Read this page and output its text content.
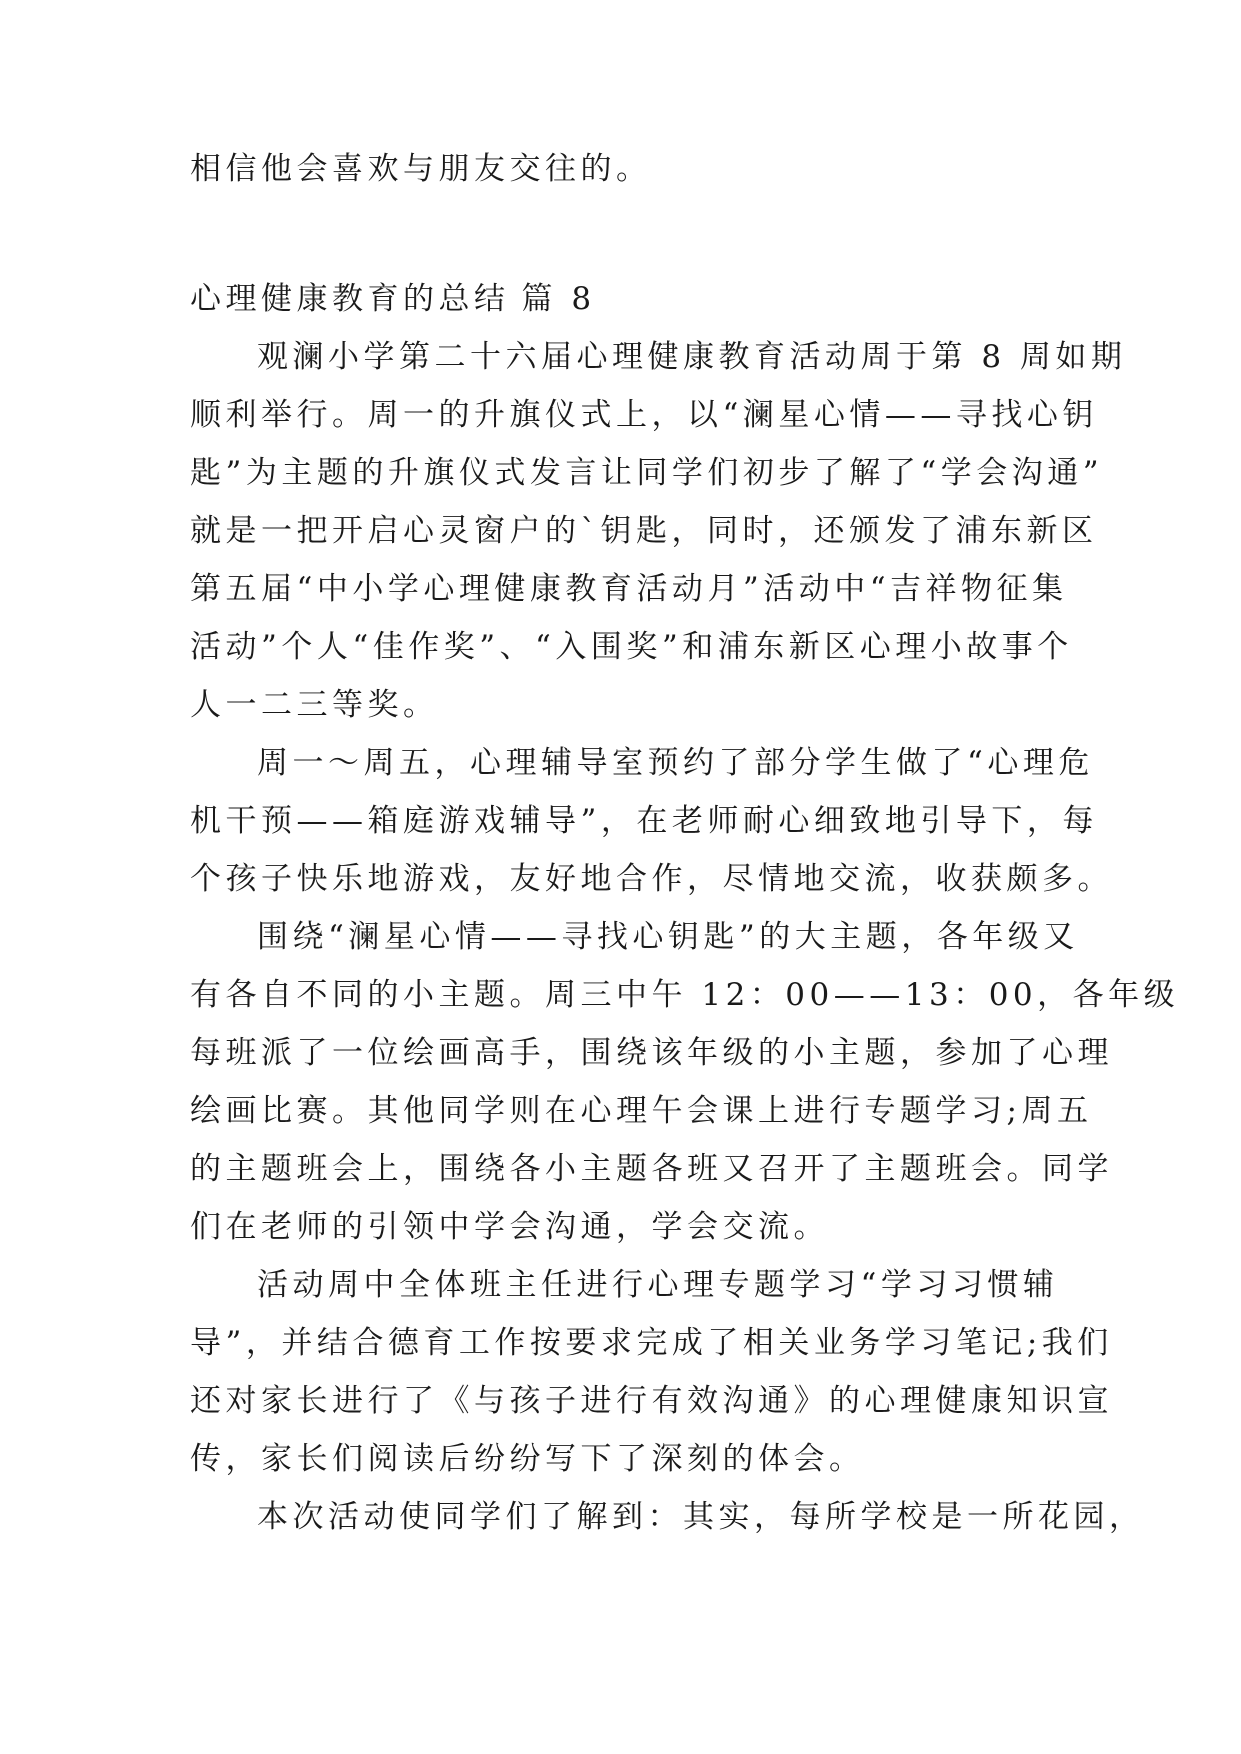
相信他会喜欢与朋友交往的。
心理健康教育的总结 篇 8
观澜小学第二十六届心理健康教育活动周于第 8 周如期
顺利举行。周一的升旗仪式上，以“澜星心情——寻找心钥
匙”为主题的升旗仪式发言让同学们初步了解了“学会沟通”
就是一把开启心灵窗户的`钥匙，同时，还颁发了浦东新区
第五届“中小学心理健康教育活动月”活动中“吉祥物征集
活动”个人“佳作奖”、“入围奖”和浦东新区心理小故事个
人一二三等奖。
周一～周五，心理辅导室预约了部分学生做了“心理危
机干预——箱庭游戏辅导”，在老师耐心细致地引导下，每
个孩子快乐地游戏，友好地合作，尽情地交流，收获颇多。
围绕“澜星心情——寻找心钥匙”的大主题，各年级又
有各自不同的小主题。周三中午 12：00——13：00，各年级
每班派了一位绘画高手，围绕该年级的小主题，参加了心理
绘画比赛。其他同学则在心理午会课上进行专题学习;周五
的主题班会上，围绕各小主题各班又召开了主题班会。同学
们在老师的引领中学会沟通，学会交流。
活动周中全体班主任进行心理专题学习“学习习惯辅
导”，并结合德育工作按要求完成了相关业务学习笔记;我们
还对家长进行了《与孩子进行有效沟通》的心理健康知识宣
传，家长们阅读后纷纷写下了深刻的体会。
本次活动使同学们了解到：其实，每所学校是一所花园，
